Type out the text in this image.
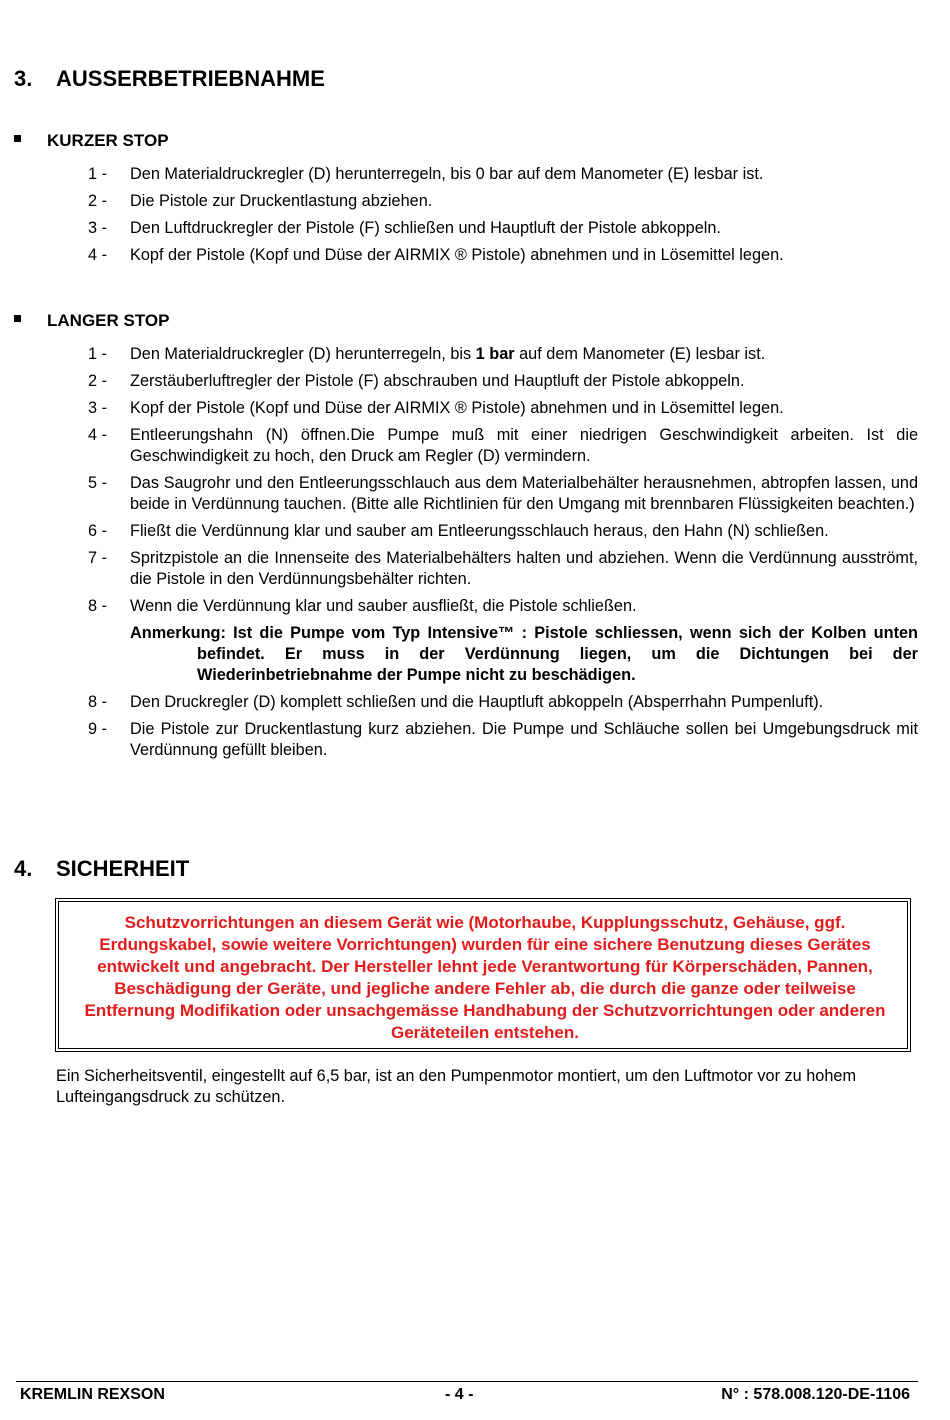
3. AUSSERBETRIEBNAHME
KURZER STOP
1 -	Den Materialdruckregler (D) herunterregeln, bis 0 bar auf dem Manometer (E) lesbar ist.
2 -	Die Pistole zur Druckentlastung abziehen.
3 -	Den Luftdruckregler der Pistole (F) schließen und Hauptluft der Pistole abkoppeln.
4 -	Kopf der Pistole (Kopf und Düse der AIRMIX ® Pistole) abnehmen und in Lösemittel legen.
LANGER STOP
1 -	Den Materialdruckregler (D) herunterregeln, bis 1 bar auf dem Manometer (E) lesbar ist.
2 -	Zerstäuberluftregler der Pistole (F) abschrauben und Hauptluft der Pistole abkoppeln.
3 -	Kopf der Pistole (Kopf und Düse der AIRMIX ® Pistole) abnehmen und in Lösemittel legen.
4 -	Entleerungshahn (N) öffnen.Die Pumpe muß mit einer niedrigen Geschwindigkeit arbeiten. Ist die Geschwindigkeit zu hoch, den Druck am Regler (D) vermindern.
5 -	Das Saugrohr und den Entleerungsschlauch aus dem Materialbehälter herausnehmen, abtropfen lassen, und beide in Verdünnung tauchen. (Bitte alle Richtlinien für den Umgang mit brennbaren Flüssigkeiten beachten.)
6 -	Fließt die Verdünnung klar und sauber am Entleerungsschlauch heraus, den Hahn (N) schließen.
7 -	Spritzpistole an die Innenseite des Materialbehälters halten und abziehen. Wenn die Verdünnung ausströmt, die Pistole in den Verdünnungsbehälter richten.
8 -	Wenn die Verdünnung klar und sauber ausfließt, die Pistole schließen.
Anmerkung: Ist die Pumpe vom Typ Intensive™ : Pistole schliessen, wenn sich der Kolben unten befindet. Er muss in der Verdünnung liegen, um die Dichtungen bei der Wiederinbetriebnahme der Pumpe nicht zu beschädigen.
8 -	Den Druckregler (D) komplett schließen und die Hauptluft abkoppeln (Absperrhahn Pumpenluft).
9 -	Die Pistole zur Druckentlastung kurz abziehen. Die Pumpe und Schläuche sollen bei Umgebungsdruck mit Verdünnung gefüllt bleiben.
4. SICHERHEIT
Schutzvorrichtungen an diesem Gerät wie (Motorhaube, Kupplungsschutz, Gehäuse, ggf. Erdungskabel, sowie weitere Vorrichtungen) wurden für eine sichere Benutzung dieses Gerätes entwickelt und angebracht. Der Hersteller lehnt jede Verantwortung für Körperschäden, Pannen, Beschädigung der Geräte, und jegliche andere Fehler ab, die durch die ganze oder teilweise Entfernung Modifikation oder unsachgemässe Handhabung der Schutzvorrichtungen oder anderen Geräteteilen entstehen.
Ein Sicherheitsventil, eingestellt auf 6,5 bar, ist an den Pumpenmotor montiert, um den Luftmotor vor zu hohem Lufteingangsdruck zu schützen.
KREMLIN REXSON	- 4 -	N° : 578.008.120-DE-1106
